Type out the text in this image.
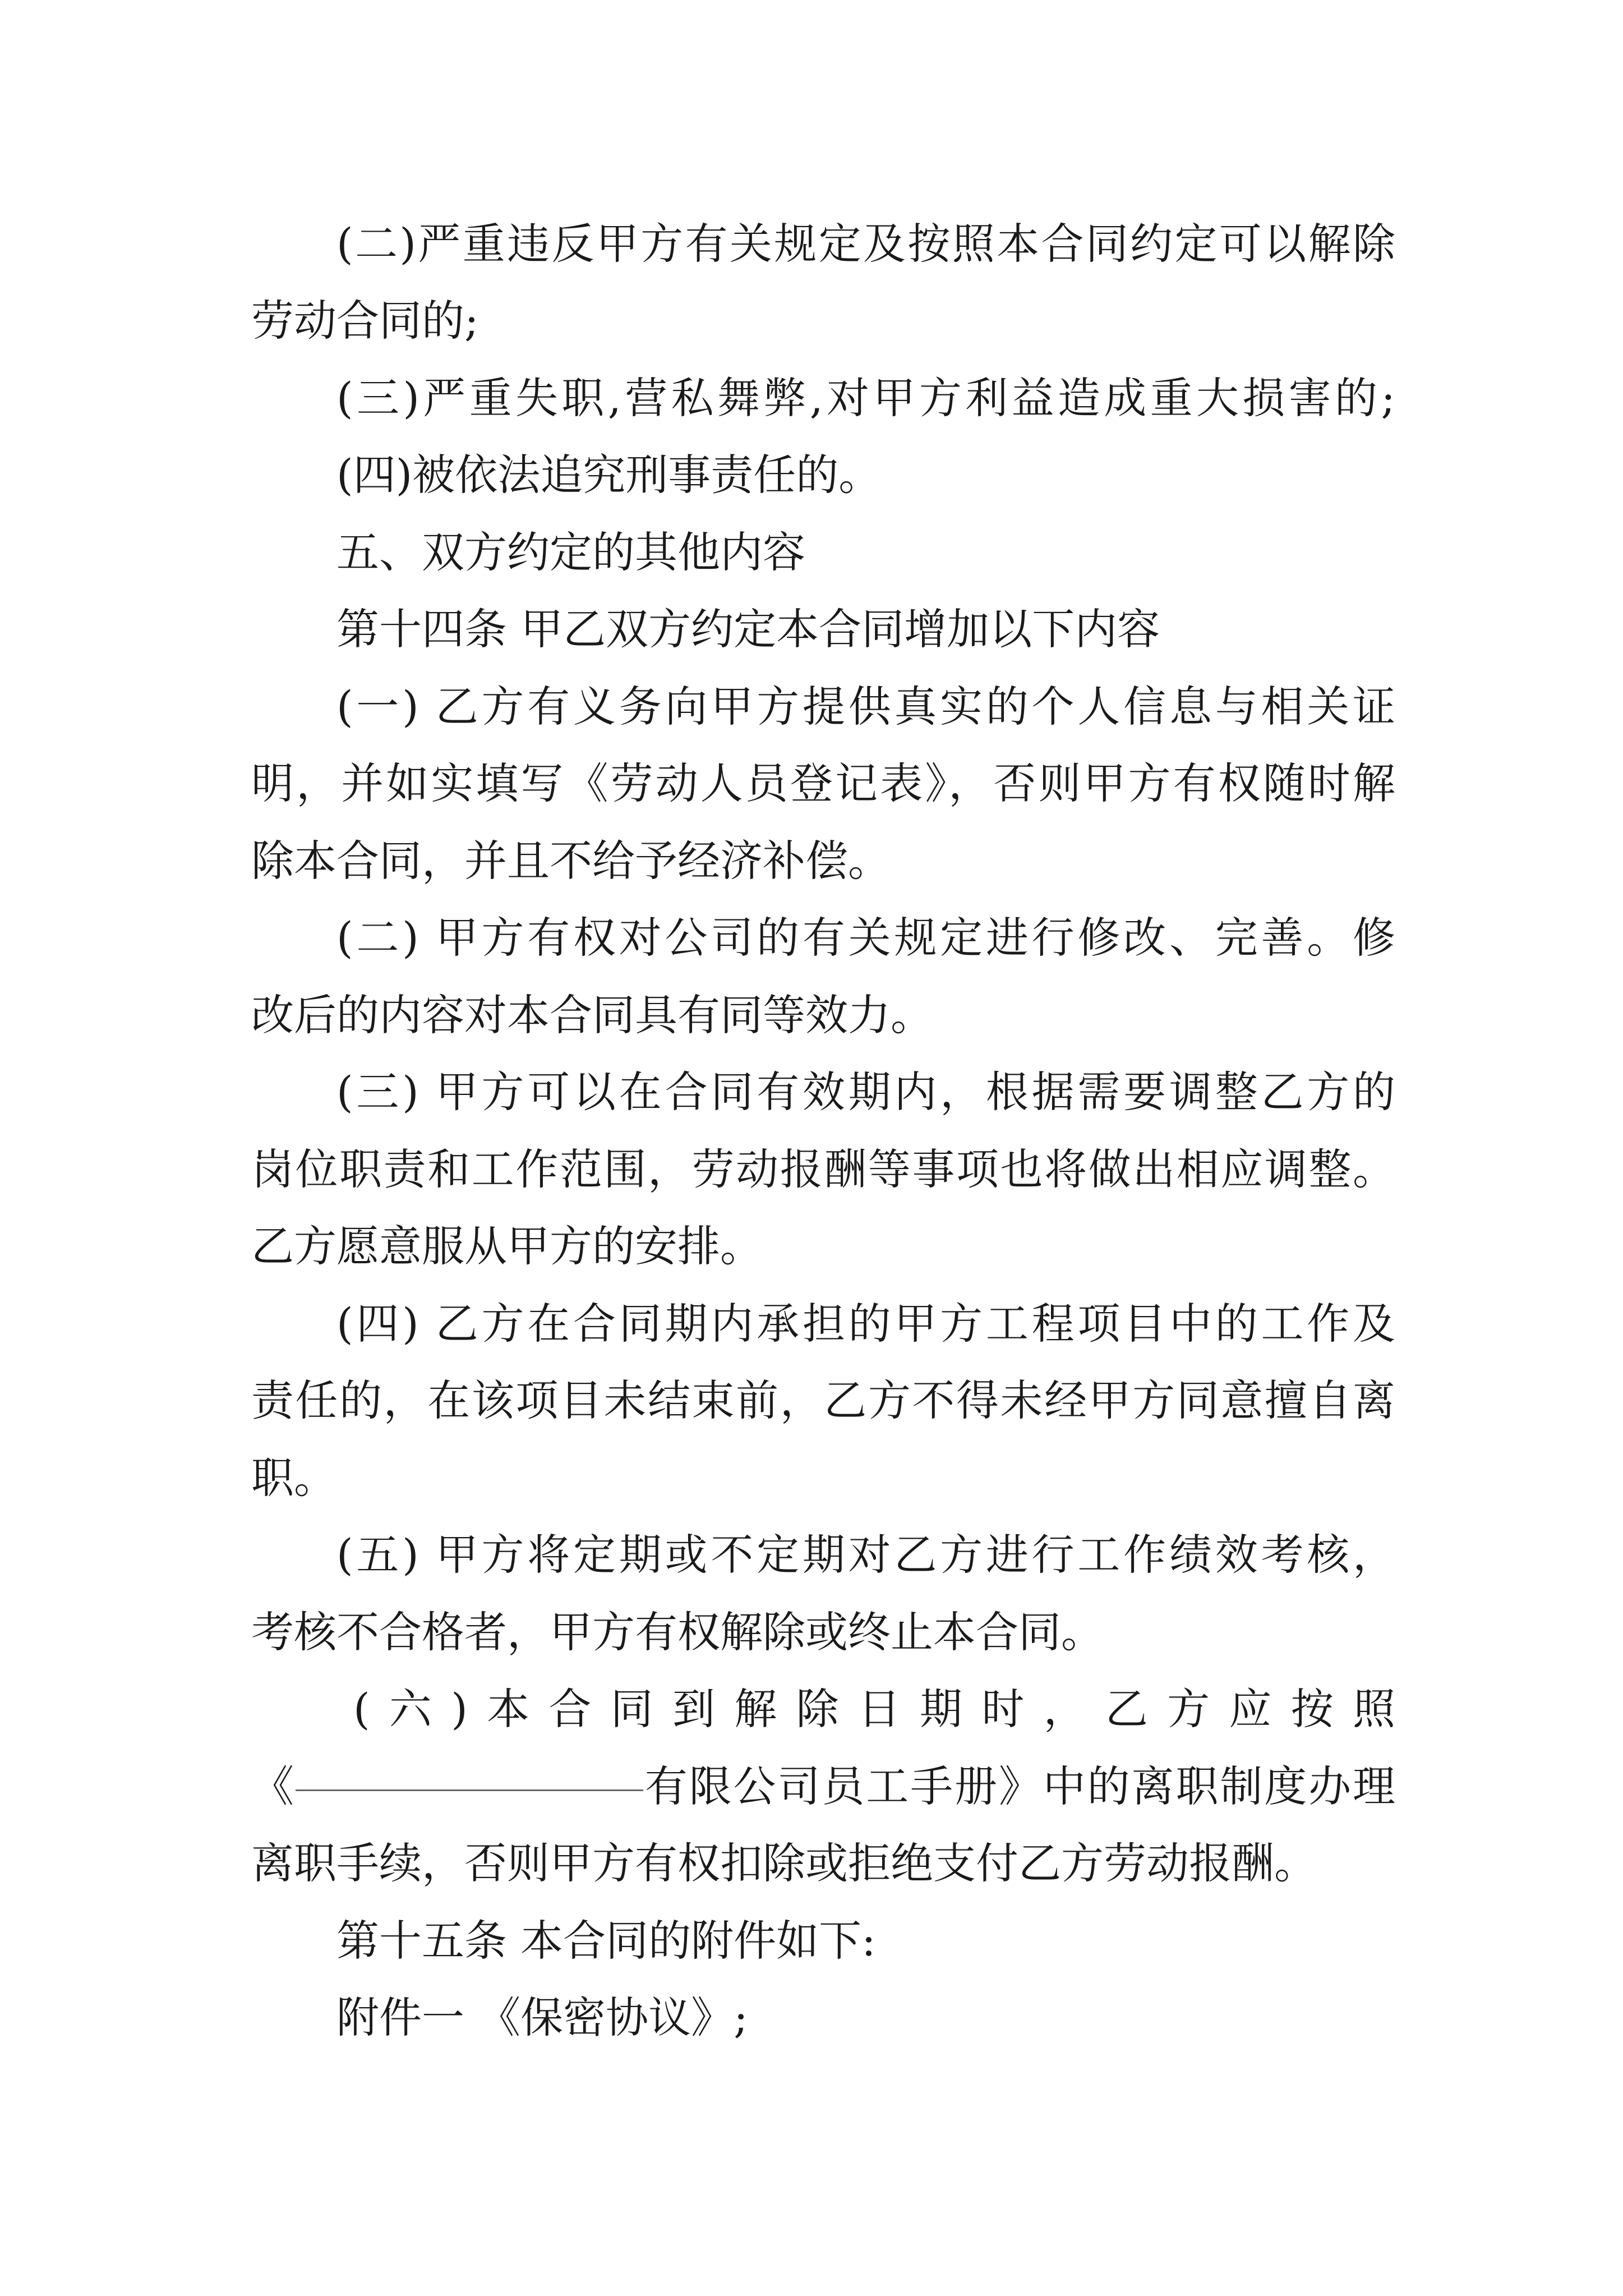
(二)严重违反甲方有关规定及按照本合同约定可以解除
劳动合同的;
(三)严重失职,营私舞弊,对甲方利益造成重大损害的;
(四)被依法追究刑事责任的。
五、双方约定的其他内容
第十四条 甲乙双方约定本合同增加以下内容
(一) 乙方有义务向甲方提供真实的个人信息与相关证
明，并如实填写《劳动人员登记表》，否则甲方有权随时解
除本合同，并且不给予经济补偿。
(二) 甲方有权对公司的有关规定进行修改、完善。修
改后的内容对本合同具有同等效力。
(三) 甲方可以在合同有效期内，根据需要调整乙方的
岗位职责和工作范围，劳动报酬等事项也将做出相应调整。
乙方愿意服从甲方的安排。
(四) 乙方在合同期内承担的甲方工程项目中的工作及
责任的，在该项目未结束前，乙方不得未经甲方同意擅自离
职。
(五) 甲方将定期或不定期对乙方进行工作绩效考核，
考核不合格者，甲方有权解除或终止本合同。
(六)本合同到解除日期时，乙方应按照
《	有限公司员工手册》中的离职制度办理
离职手续，否则甲方有权扣除或拒绝支付乙方劳动报酬。
第十五条 本合同的附件如下:
附件一 《保密协议》;
